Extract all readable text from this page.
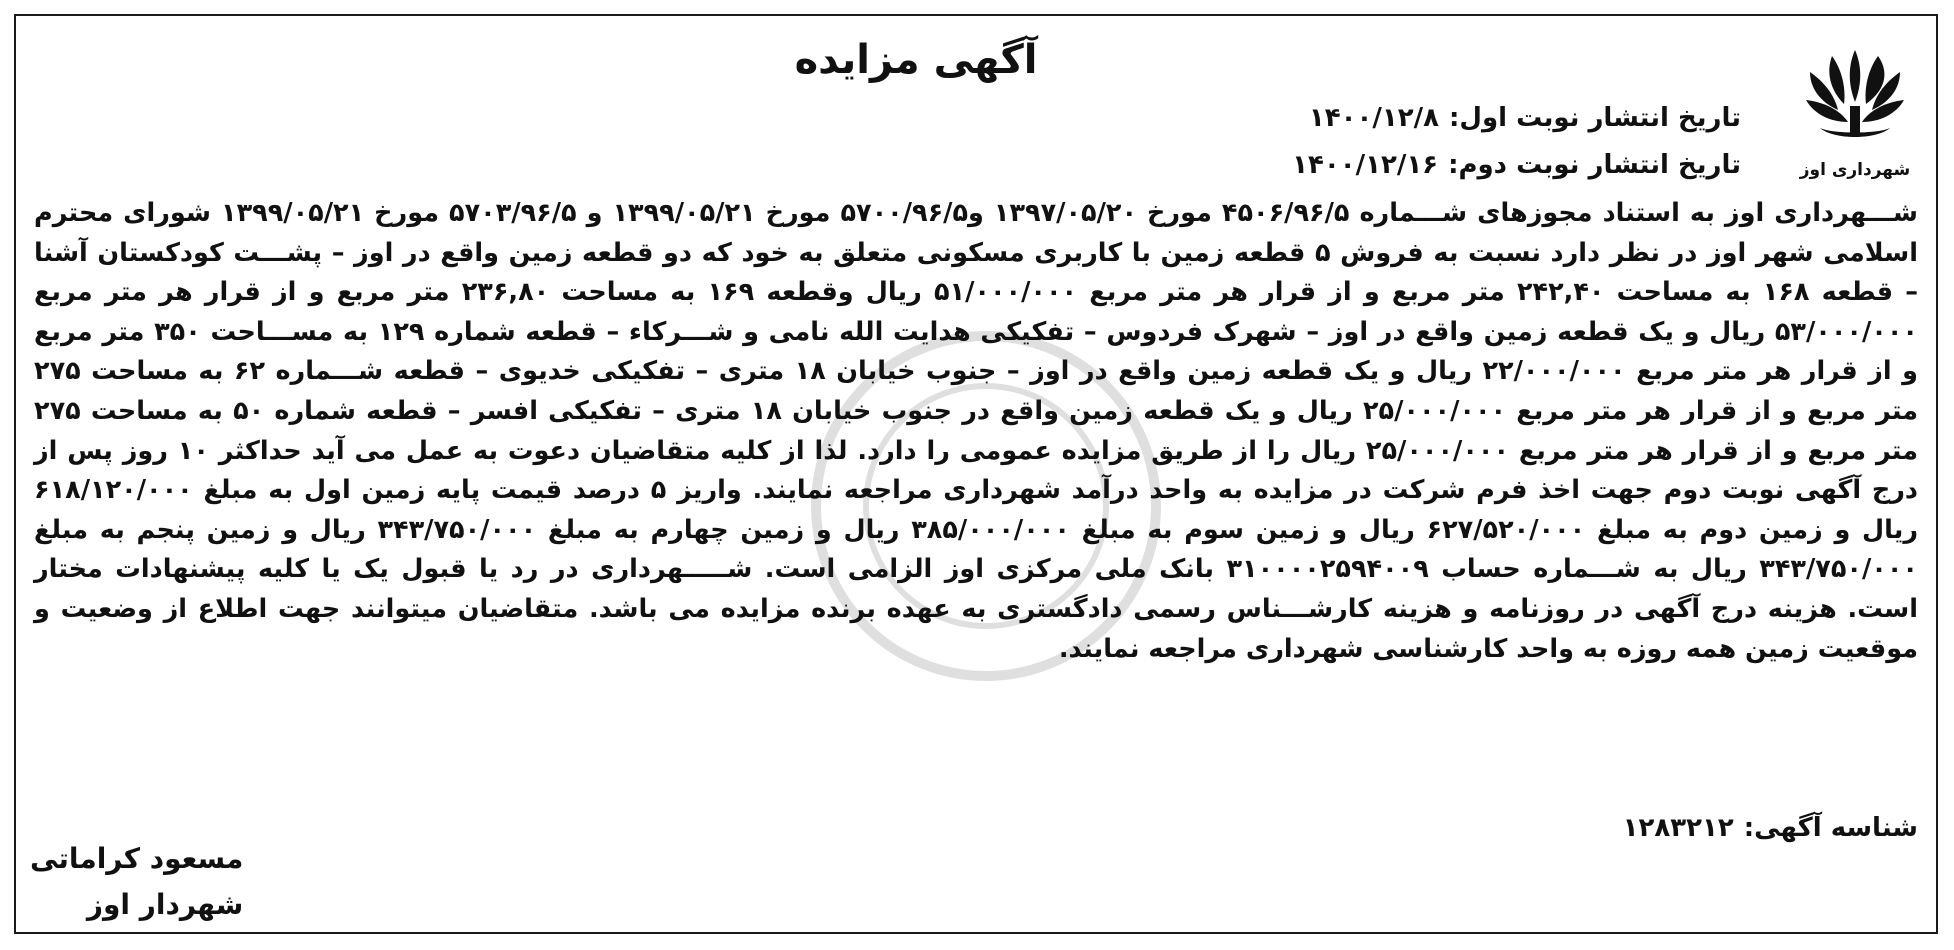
شهرداری اوز
آگهی مزایده
تاریخ انتشار نوبت اول:۱۴۰۰/۱۲/۸
تاریخ انتشار نوبت دوم:۱۴۰۰/۱۲/۱۶

شـــهرداری اوز به استناد مجوزهای شـــماره ۴۵۰۶/۹۶/۵ مورخ ۱۳۹۷/۰۵/۲۰ و۵۷۰۰/۹۶/۵ مورخ ۱۳۹۹/۰۵/۲۱ و ۵۷۰۳/۹۶/۵ مورخ ۱۳۹۹/۰۵/۲۱ شورای محترم اسلامی شهر اوز در نظر دارد نسبت به فروش ۵ قطعه زمین با کاربری مسکونی متعلق به خود که دو قطعه زمین واقع در اوز – پشـــت کودکستان آشنا – قطعه ۱۶۸ به مساحت ۲۴۲,۴۰ متر مربع و از قرار هر متر مربع ۵۱/۰۰۰/۰۰۰ ریال وقطعه ۱۶۹ به مساحت ۲۳۶,۸۰ متر مربع و از قرار هر متر مربع ۵۳/۰۰۰/۰۰۰ ریال و یک قطعه زمین واقع در اوز – شهرک فردوس – تفکیکی هدایت الله نامی و شـــرکاء – قطعه شماره ۱۲۹ به مســـاحت ۳۵۰ متر مربع و از قرار هر متر مربع ۲۲/۰۰۰/۰۰۰ ریال و یک قطعه زمین واقع در اوز – جنوب خیابان ۱۸ متری – تفکیکی خدیوی – قطعه شـــماره ۶۲ به مساحت ۲۷۵ متر مربع و از قرار هر متر مربع ۲۵/۰۰۰/۰۰۰ ریال و یک قطعه زمین واقع در جنوب خیابان ۱۸ متری – تفکیکی افسر – قطعه شماره ۵۰ به مساحت ۲۷۵ متر مربع و از قرار هر متر مربع ۲۵/۰۰۰/۰۰۰ ریال را از طریق مزایده عمومی را دارد. لذا از کلیه متقاضیان دعوت به عمل می آید حداکثر ۱۰ روز پس از درج آگهی نوبت دوم جهت اخذ فرم شرکت در مزایده به واحد درآمد شهرداری مراجعه نمایند. واریز ۵ درصد قیمت پایه زمین اول به مبلغ ۶۱۸/۱۲۰/۰۰۰ ریال و زمین دوم به مبلغ ۶۲۷/۵۲۰/۰۰۰ ریال و زمین سوم به مبلغ ۳۸۵/۰۰۰/۰۰۰ ریال و زمین چهارم به مبلغ ۳۴۳/۷۵۰/۰۰۰ ریال و زمین پنجم به مبلغ ۳۴۳/۷۵۰/۰۰۰ ریال به شـــماره حساب ۳۱۰۰۰۰۲۵۹۴۰۰۹ بانک ملی مرکزی اوز الزامی است. شـــــهرداری در رد یا قبول یک یا کلیه پیشنهادات مختار است. هزینه درج آگهی در روزنامه و هزینه کارشـــناس رسمی دادگستری به عهده برنده مزایده می باشد. متقاضیان میتوانند جهت اطلاع از وضعیت و موقعیت زمین همه روزه به واحد کارشناسی شهرداری مراجعه نمایند.

شناسه آگهی:۱۲۸۳۲۱۲
مسعود کراماتی
شهردار اوز
